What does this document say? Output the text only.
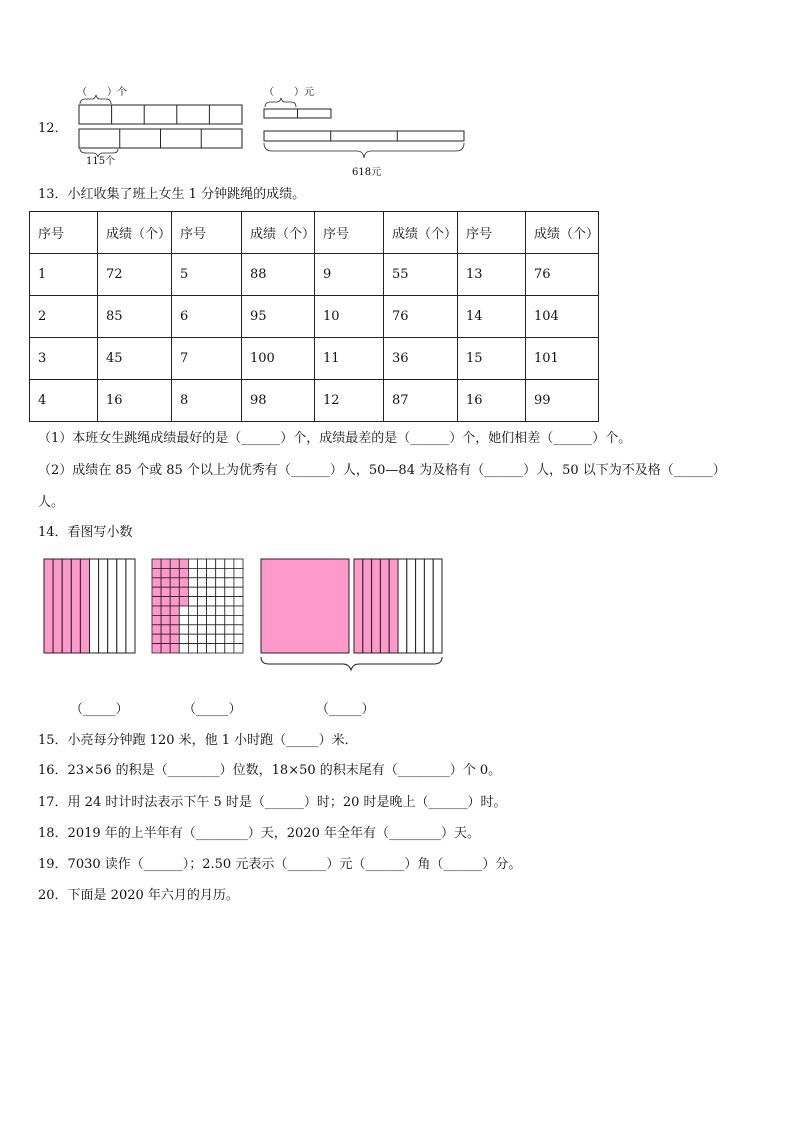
12．
（　　）个
115个
（　　）元
618元
13．小红收集了班上女生 1 分钟跳绳的成绩。
序号	成绩（个）	序号	成绩（个）	序号	成绩（个）	序号	成绩（个）
1	72	5	88	9	55	13	76
2	85	6	95	10	76	14	104
3	45	7	100	11	36	15	101
4	16	8	98	12	87	16	99
（1）本班女生跳绳成绩最好的是（______）个，成绩最差的是（______）个，她们相差（______）个。
（2）成绩在 85 个或 85 个以上为优秀有（______）人，50—84 为及格有（______）人，50 以下为不及格（______）
人。
14．看图写小数
（_____）	（_____）	（_____）
15．小亮每分钟跑 120 米，他 1 小时跑（_____）米．
16．23×56 的积是（________）位数，18×50 的积末尾有（________）个 0。
17．用 24 时计时法表示下午 5 时是（______）时；20 时是晚上（______）时。
18．2019 年的上半年有（________）天，2020 年全年有（________）天。
19．7030 读作（______）；2.50 元表示（______）元（______）角（______）分。
20．下面是 2020 年六月的月历。
